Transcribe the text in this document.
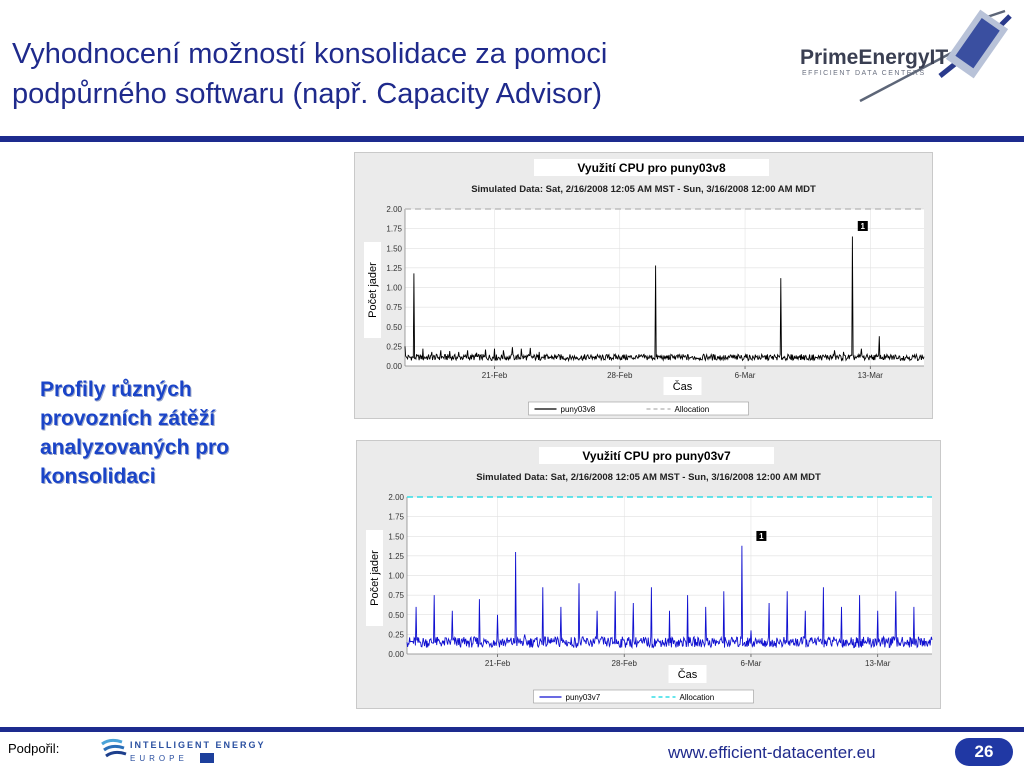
Vyhodnocení možností konsolidace za pomoci podpůrného softwaru (např. Capacity Advisor)
PrimeEnergyIT
EFFICIENT DATA CENTERS
Profily různých provozních zátěží analyzovaných pro konsolidaci
Využití CPU pro puny03v8
Simulated Data: Sat, 2/16/2008 12:05 AM MST - Sun, 3/16/2008 12:00 AM MDT
0.00
0.25
0.50
0.75
1.00
1.25
1.50
1.75
2.00
21-Feb	28-Feb	6-Mar	13-Mar
1
Počet jader
Čas
puny03v8	Allocation
Využití CPU pro puny03v7
Simulated Data: Sat, 2/16/2008 12:05 AM MST - Sun, 3/16/2008 12:00 AM MDT
0.00
0.25
0.50
0.75
1.00
1.25
1.50
1.75
2.00
21-Feb	28-Feb	6-Mar	13-Mar
1
Počet jader
Čas
puny03v7	Allocation
Podpořil:	INTELLIGENT ENERGY
EUROPE	www.efficient-datacenter.eu	26
